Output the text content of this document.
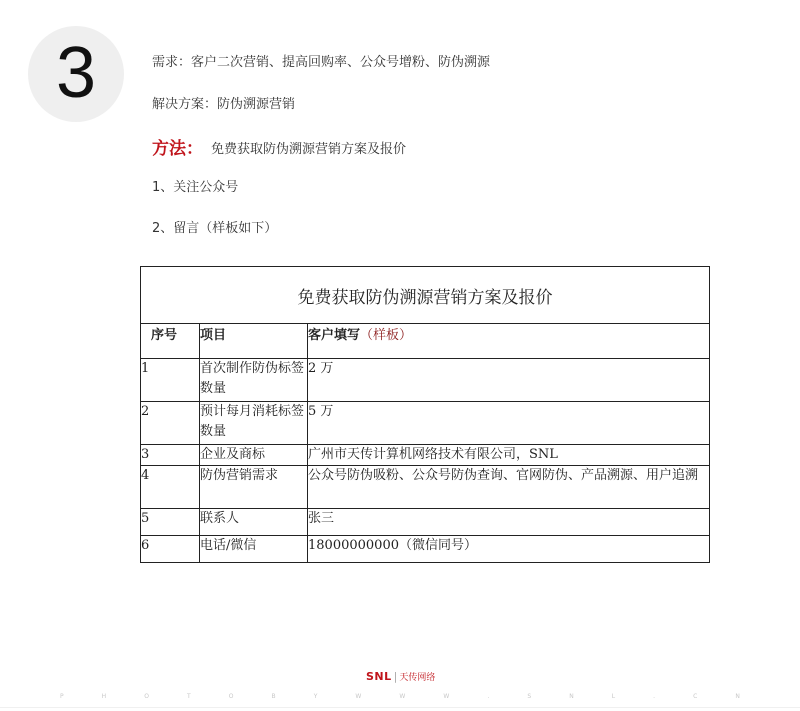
3	需求：客户二次营销、提高回购率、公众号增粉、防伪溯源
解决方案：防伪溯源营销
方法： 免费获取防伪溯源营销方案及报价
1、关注公众号
2、留言（样板如下）
免费获取防伪溯源营销方案及报价		
序号	项目	客户填写（样板）
1	首次制作防伪标签数量	2 万
2	预计每月消耗标签数量	5 万
3	企业及商标	广州市天传计算机网络技术有限公司，SNL
4	防伪营销需求	公众号防伪吸粉、公众号防伪查询、官网防伪、产品溯源、用户追溯
5	联系人	张三
6	电话/微信	18000000000（微信同号）
SNL | 天传网络
P	H	O	T	O	B	Y	W	W	W	.	S	N	L	.	C	N
